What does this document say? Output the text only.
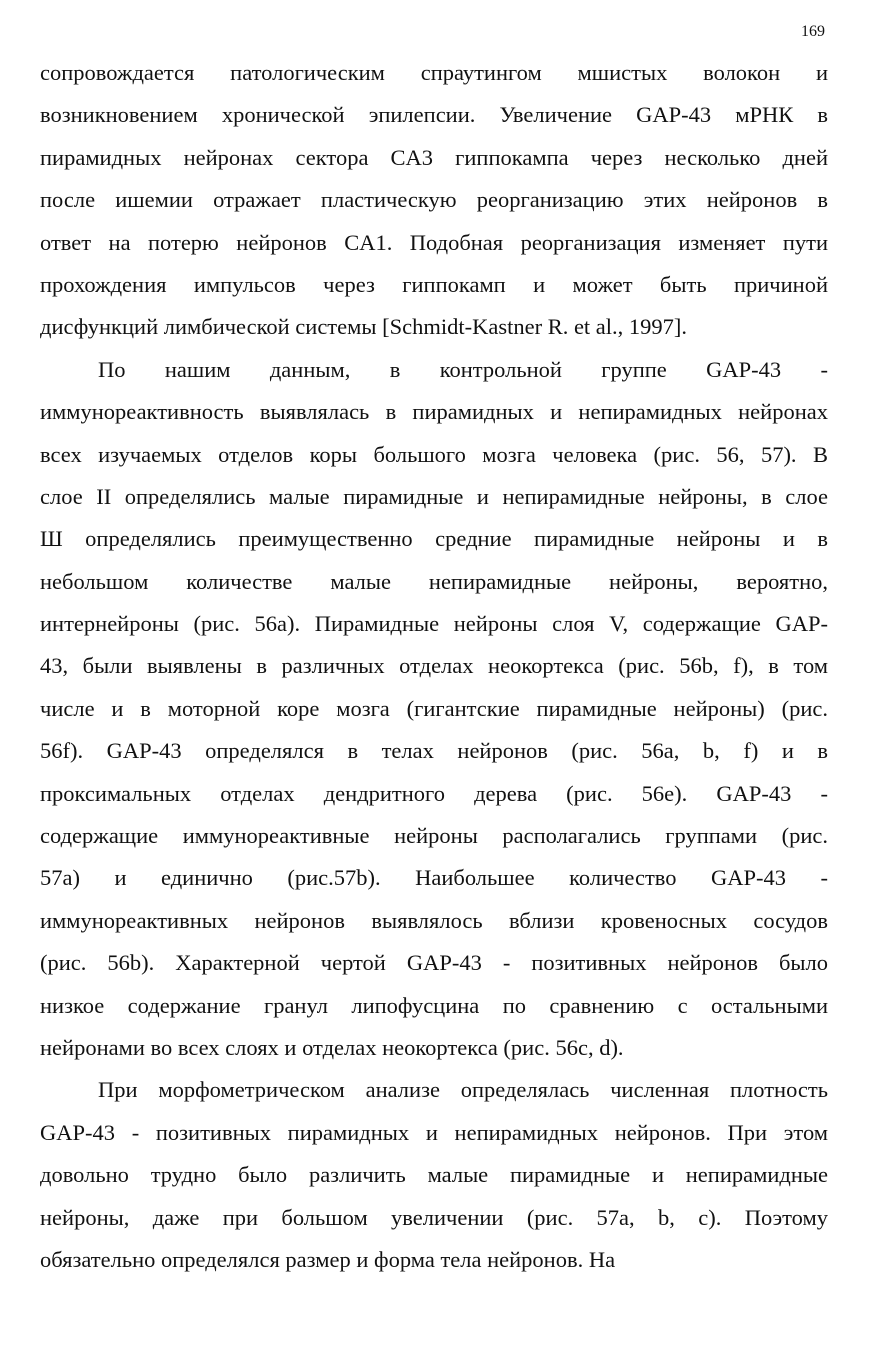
169
сопровождается патологическим спраутингом мшистых волокон и
возникновением хронической эпилепсии. Увеличение GAP-43 мРНК в
пирамидных нейронах сектора CA3 гиппокампа через несколько дней
после ишемии отражает пластическую реорганизацию этих нейронов в
ответ на потерю нейронов CA1. Подобная реорганизация изменяет пути
прохождения импульсов через гиппокамп и может быть причиной
дисфункций лимбической системы [Schmidt-Kastner R. et al., 1997].
По нашим данным, в контрольной группе GAP-43 -
иммунореактивность выявлялась в пирамидных и непирамидных нейронах
всех изучаемых отделов коры большого мозга человека (рис. 56, 57). В
слое II определялись малые пирамидные и непирамидные нейроны, в слое
Ш определялись преимущественно средние пирамидные нейроны и в
небольшом количестве малые непирамидные нейроны, вероятно,
интернейроны (рис. 56а). Пирамидные нейроны слоя V, содержащие GAP-
43, были выявлены в различных отделах неокортекса (рис. 56b, f), в том
числе и в моторной коре мозга (гигантские пирамидные нейроны) (рис.
56f). GAP-43 определялся в телах нейронов (рис. 56а, b, f) и в
проксимальных отделах дендритного дерева (рис. 56е). GAP-43 -
содержащие иммунореактивные нейроны располагались группами (рис.
57а) и единично (рис.57b). Наибольшее количество GAP-43 -
иммунореактивных нейронов выявлялось вблизи кровеносных сосудов
(рис. 56b). Характерной чертой GAP-43 - позитивных нейронов было
низкое содержание гранул липофусцина по сравнению с остальными
нейронами во всех слоях и отделах неокортекса (рис. 56с, d).
При морфометрическом анализе определялась численная плотность
GAP-43 - позитивных пирамидных и непирамидных нейронов. При этом
довольно трудно было различить малые пирамидные и непирамидные
нейроны, даже при большом увеличении (рис. 57а, b, с). Поэтому
обязательно определялся размер и форма тела нейронов. На
